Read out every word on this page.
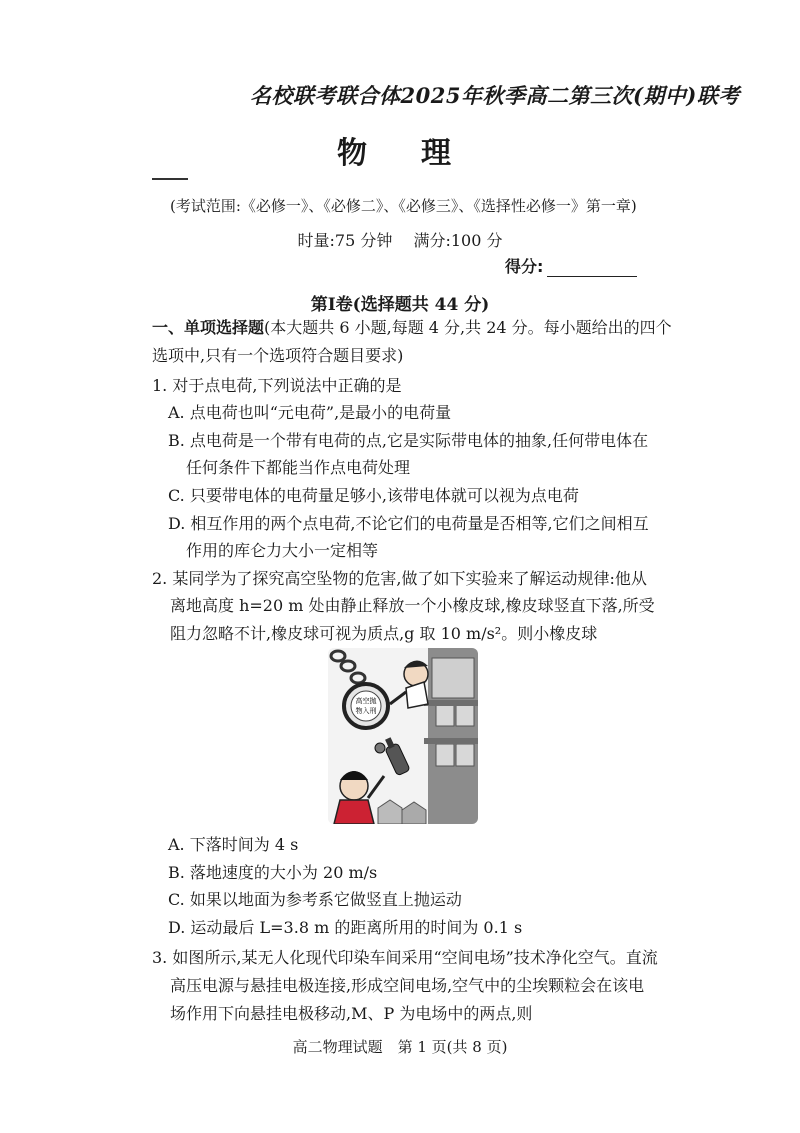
名校联考联合体2025年秋季高二第三次(期中)联考
物　理
(考试范围:《必修一》、《必修二》、《必修三》、《选择性必修一》第一章)
时量:75 分钟　 满分:100 分
得分:
第Ⅰ卷(选择题共 44 分)
一、单项选择题(本大题共 6 小题,每题 4 分,共 24 分。每小题给出的四个
选项中,只有一个选项符合题目要求)
1. 对于点电荷,下列说法中正确的是
A. 点电荷也叫“元电荷”,是最小的电荷量
B. 点电荷是一个带有电荷的点,它是实际带电体的抽象,任何带电体在
任何条件下都能当作点电荷处理
C. 只要带电体的电荷量足够小,该带电体就可以视为点电荷
D. 相互作用的两个点电荷,不论它们的电荷量是否相等,它们之间相互
作用的库仑力大小一定相等
2. 某同学为了探究高空坠物的危害,做了如下实验来了解运动规律:他从
离地高度 h=20 m 处由静止释放一个小橡皮球,橡皮球竖直下落,所受
阻力忽略不计,橡皮球可视为质点,g 取 10 m/s²。则小橡皮球
高空抛
物入刑
A. 下落时间为 4 s
B. 落地速度的大小为 20 m/s
C. 如果以地面为参考系它做竖直上抛运动
D. 运动最后 L=3.8 m 的距离所用的时间为 0.1 s
3. 如图所示,某无人化现代印染车间采用“空间电场”技术净化空气。直流
高压电源与悬挂电极连接,形成空间电场,空气中的尘埃颗粒会在该电
场作用下向悬挂电极移动,M、P 为电场中的两点,则
高二物理试题　第 1 页(共 8 页)
